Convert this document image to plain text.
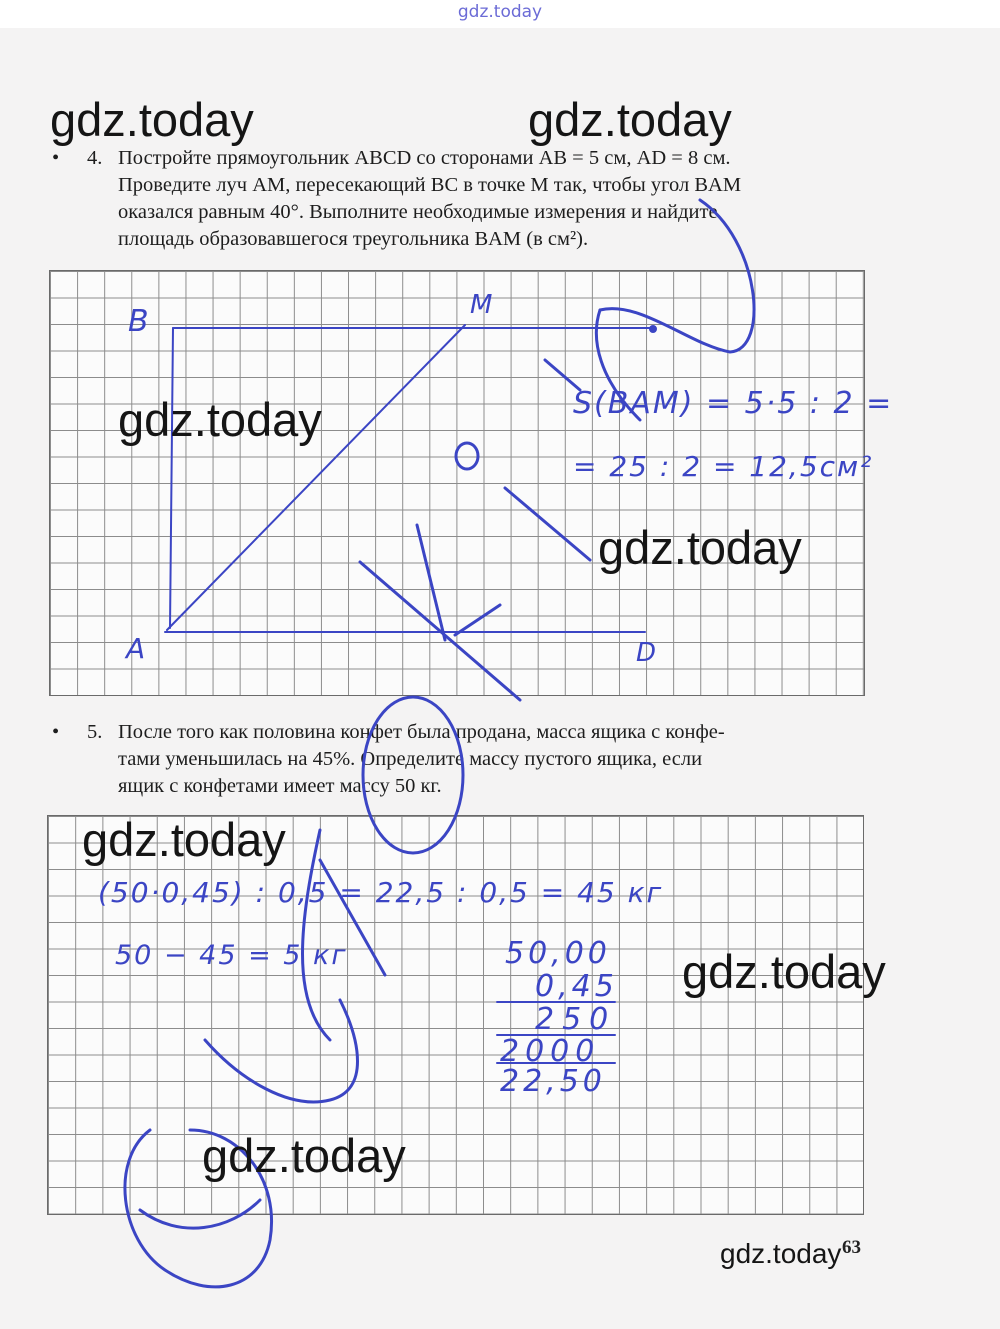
gdz.today
• 4. Постройте прямоугольник ABCD со сторонами AB = 5 см, AD = 8 см.
Проведите луч AM, пересекающий BC в точке M так, чтобы угол BAM
оказался равным 40°. Выполните необходимые измерения и найдите
площадь образовавшегося треугольника BAM (в см²).
• 5. После того как половина конфет была продана, масса ящика с конфе-
тами уменьшилась на 45%. Определите массу пустого ящика, если
ящик с конфетами имеет массу 50 кг.
B	M
A	D
S(BAM) = 5·5 : 2 =
= 25 : 2 = 12,5см²
(50·0,45) : 0,5 = 22,5 : 0,5 = 45 кг
50 − 45 = 5 кг	50,00
0,45
250
2000
22,50
gdz.today	gdz.today
gdz.today
gdz.today
gdz.today
gdz.today
gdz.today
gdz.today 63
